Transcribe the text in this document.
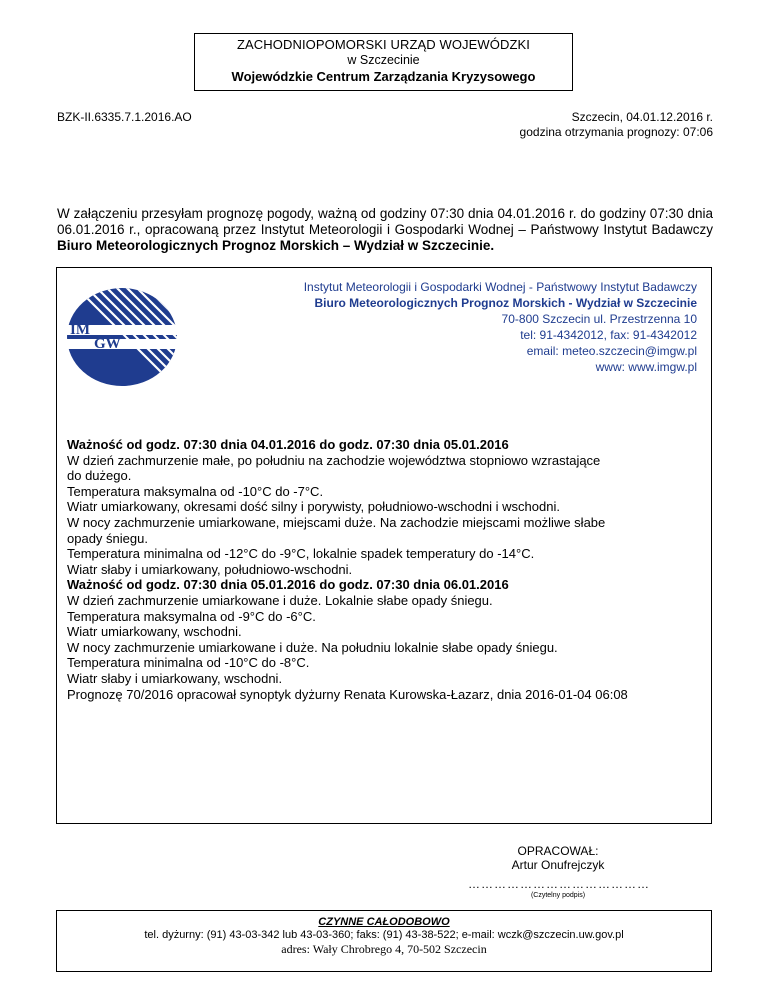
ZACHODNIOPOMORSKI URZĄD WOJEWÓDZKI
w Szczecinie
Wojewódzkie Centrum Zarządzania Kryzysowego
BZK-II.6335.7.1.2016.AO	Szczecin, 04.01.12.2016 r.
godzina otrzymania prognozy: 07:06
W załączeniu przesyłam prognozę pogody, ważną od godziny 07:30 dnia 04.01.2016 r. do godziny 07:30 dnia 06.01.2016 r., opracowaną przez Instytut Meteorologii i Gospodarki Wodnej – Państwowy Instytut Badawczy Biuro Meteorologicznych Prognoz Morskich – Wydział w Szczecinie.
IM
GW
Instytut Meteorologii i Gospodarki Wodnej - Państwowy Instytut Badawczy
Biuro Meteorologicznych Prognoz Morskich - Wydział w Szczecinie
70-800 Szczecin ul. Przestrzenna 10
tel: 91-4342012, fax: 91-4342012
email: meteo.szczecin@imgw.pl
www: www.imgw.pl
Ważność od godz. 07:30 dnia 04.01.2016 do godz. 07:30 dnia 05.01.2016
W dzień zachmurzenie małe, po południu na zachodzie województwa stopniowo wzrastające
do dużego.
Temperatura maksymalna od -10°C do -7°C.
Wiatr umiarkowany, okresami dość silny i porywisty, południowo-wschodni i wschodni.
W nocy zachmurzenie umiarkowane, miejscami duże. Na zachodzie miejscami możliwe słabe
opady śniegu.
Temperatura minimalna od -12°C do -9°C, lokalnie spadek temperatury do -14°C.
Wiatr słaby i umiarkowany, południowo-wschodni.
Ważność od godz. 07:30 dnia 05.01.2016 do godz. 07:30 dnia 06.01.2016
W dzień zachmurzenie umiarkowane i duże. Lokalnie słabe opady śniegu.
Temperatura maksymalna od -9°C do -6°C.
Wiatr umiarkowany, wschodni.
W nocy zachmurzenie umiarkowane i duże. Na południu lokalnie słabe opady śniegu.
Temperatura minimalna od -10°C do -8°C.
Wiatr słaby i umiarkowany, wschodni.
Prognozę 70/2016 opracował synoptyk dyżurny Renata Kurowska-Łazarz, dnia 2016-01-04 06:08
OPRACOWAŁ:
Artur Onufrejczyk
……………………………………
(Czytelny podpis)
CZYNNE CAŁODOBOWO
tel. dyżurny: (91) 43-03-342 lub 43-03-360; faks: (91) 43-38-522; e-mail: wczk@szczecin.uw.gov.pl
adres: Wały Chrobrego 4, 70-502 Szczecin
